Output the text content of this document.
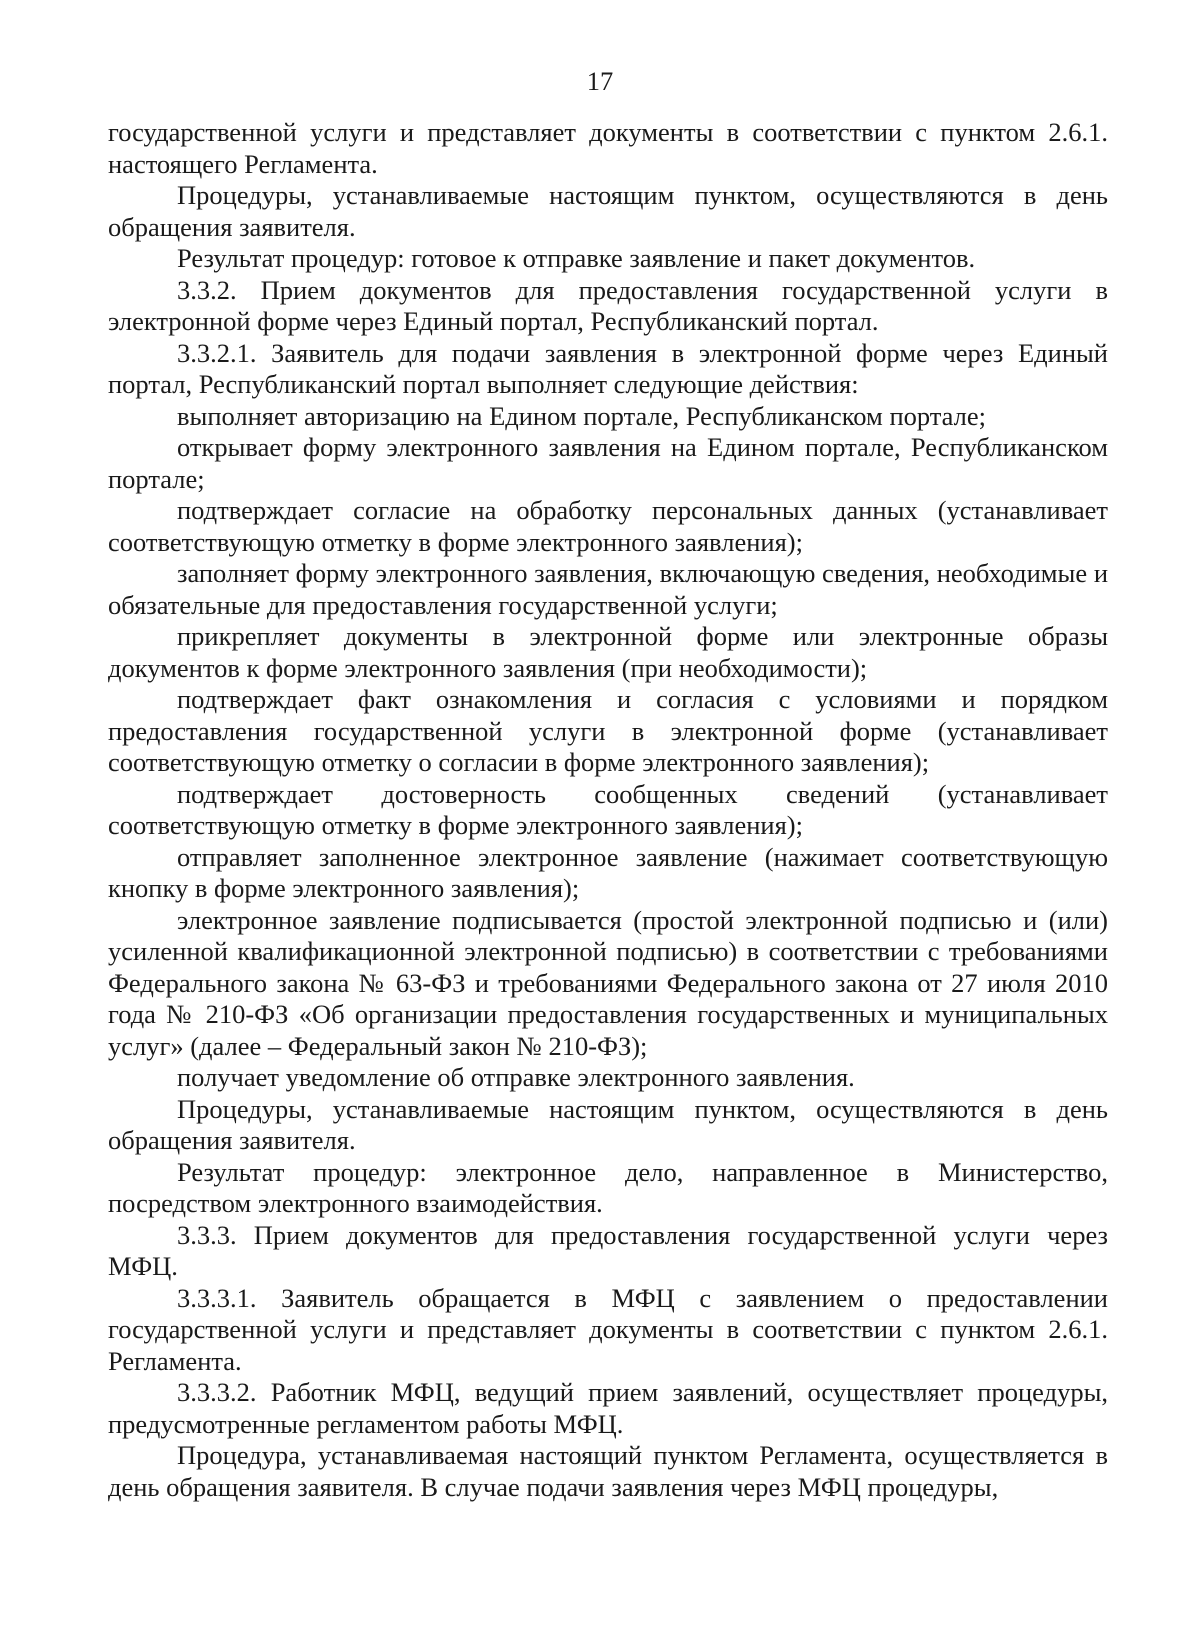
17

государственной услуги и представляет документы в соответствии с пунктом 2.6.1. настоящего Регламента.

Процедуры, устанавливаемые настоящим пунктом, осуществляются в день обращения заявителя.

Результат процедур: готовое к отправке заявление и пакет документов.

3.3.2. Прием документов для предоставления государственной услуги в электронной форме через Единый портал, Республиканский портал.

3.3.2.1. Заявитель для подачи заявления в электронной форме через Единый портал, Республиканский портал выполняет следующие действия:

выполняет авторизацию на Едином портале, Республиканском портале;

открывает форму электронного заявления на Едином портале, Республиканском портале;

подтверждает согласие на обработку персональных данных (устанавливает соответствующую отметку в форме электронного заявления);

заполняет форму электронного заявления, включающую сведения, необходимые и обязательные для предоставления государственной услуги;

прикрепляет документы в электронной форме или электронные образы документов к форме электронного заявления (при необходимости);

подтверждает факт ознакомления и согласия с условиями и порядком предоставления государственной услуги в электронной форме (устанавливает соответствующую отметку о согласии в форме электронного заявления);

подтверждает достоверность сообщенных сведений (устанавливает соответствующую отметку в форме электронного заявления);

отправляет заполненное электронное заявление (нажимает соответствующую кнопку в форме электронного заявления);

электронное заявление подписывается (простой электронной подписью и (или) усиленной квалификационной электронной подписью) в соответствии с требованиями Федерального закона № 63-ФЗ и требованиями Федерального закона от 27 июля 2010 года № 210-ФЗ «Об организации предоставления государственных и муниципальных услуг» (далее – Федеральный закон № 210-ФЗ);

получает уведомление об отправке электронного заявления.

Процедуры, устанавливаемые настоящим пунктом, осуществляются в день обращения заявителя.

Результат процедур: электронное дело, направленное в Министерство, посредством электронного взаимодействия.

3.3.3. Прием документов для предоставления государственной услуги через МФЦ.

3.3.3.1. Заявитель обращается в МФЦ с заявлением о предоставлении государственной услуги и представляет документы в соответствии с пунктом 2.6.1. Регламента.

3.3.3.2. Работник МФЦ, ведущий прием заявлений, осуществляет процедуры, предусмотренные регламентом работы МФЦ.

Процедура, устанавливаемая настоящий пунктом Регламента, осуществляется в день обращения заявителя. В случае подачи заявления через МФЦ процедуры,
